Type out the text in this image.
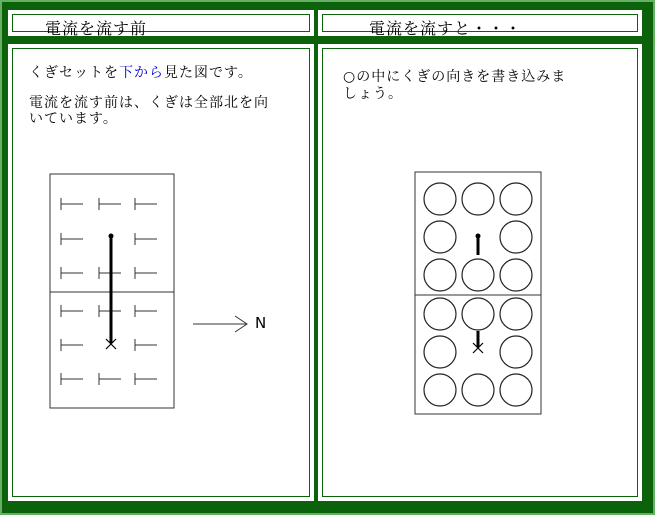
電流を流す前	電流を流すと・・・
くぎセットを下から見た図です。
電流を流す前は、くぎは全部北を向
いています。
N
○の中にくぎの向きを書き込みま
しょう。
